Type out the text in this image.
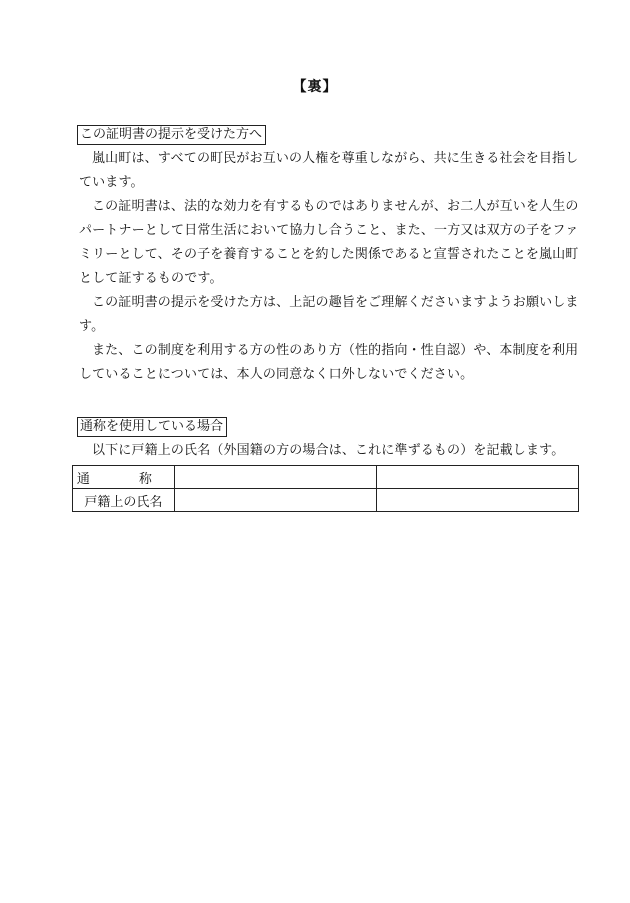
【裏】
この証明書の提示を受けた方へ

嵐山町は、すべての町民がお互いの人権を尊重しながら、共に生きる社会を目指しています。

この証明書は、法的な効力を有するものではありませんが、お二人が互いを人生のパートナーとして日常生活において協力し合うこと、また、一方又は双方の子をファミリーとして、その子を養育することを約した関係であると宣誓されたことを嵐山町として証するものです。

この証明書の提示を受けた方は、上記の趣旨をご理解くださいますようお願いします。

また、この制度を利用する方の性のあり方（性的指向・性自認）や、本制度を利用していることについては、本人の同意なく口外しないでください。

通称を使用している場合

以下に戸籍上の氏名（外国籍の方の場合は、これに準ずるもの）を記載します。

通　称		
戸籍上の氏名		
